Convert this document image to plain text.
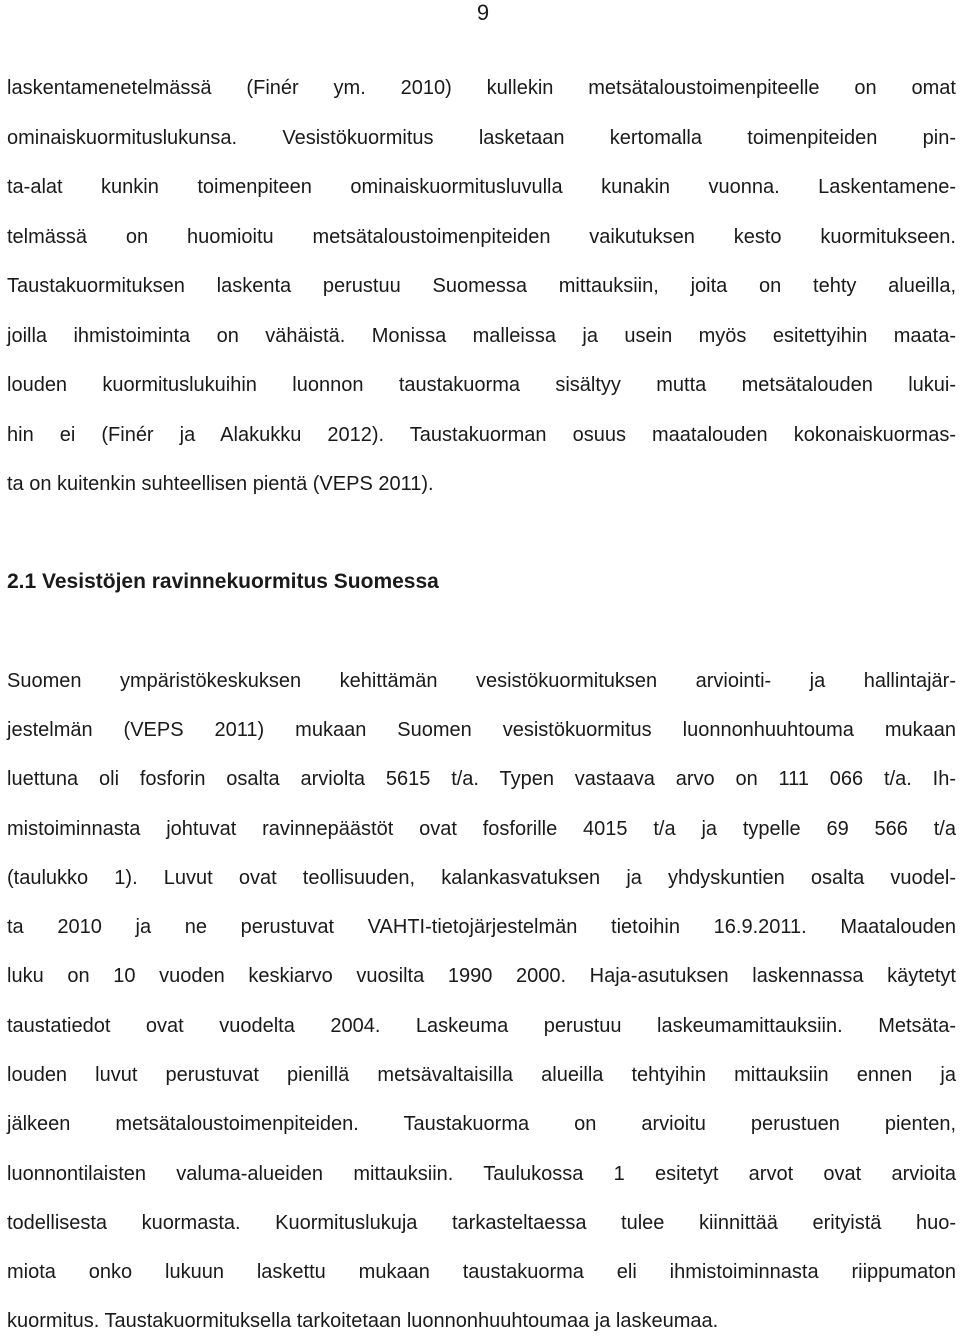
9
laskentamenetelmässä (Finér ym. 2010) kullekin metsätaloustoimenpiteelle on omat
ominaiskuormituslukunsa. Vesistökuormitus lasketaan kertomalla toimenpiteiden pin-
ta-alat kunkin toimenpiteen ominaiskuormitusluvulla kunakin vuonna. Laskentamene-
telmässä on huomioitu metsätaloustoimenpiteiden vaikutuksen kesto kuormitukseen.
Taustakuormituksen laskenta perustuu Suomessa mittauksiin, joita on tehty alueilla,
joilla ihmistoiminta on vähäistä. Monissa malleissa ja usein myös esitettyihin maata-
louden kuormituslukuihin luonnon taustakuorma sisältyy mutta metsätalouden lukui-
hin ei (Finér ja Alakukku 2012). Taustakuorman osuus maatalouden kokonaiskuormas-
ta on kuitenkin suhteellisen pientä (VEPS 2011).
2.1 Vesistöjen ravinnekuormitus Suomessa
Suomen ympäristökeskuksen kehittämän vesistökuormituksen arviointi- ja hallintajär-
jestelmän (VEPS 2011) mukaan Suomen vesistökuormitus luonnonhuuhtouma mukaan
luettuna oli fosforin osalta arviolta 5615 t/a. Typen vastaava arvo on 111 066 t/a. Ih-
mistoiminnasta johtuvat ravinnepäästöt ovat fosforille 4015 t/a ja typelle 69 566 t/a
(taulukko 1). Luvut ovat teollisuuden, kalankasvatuksen ja yhdyskuntien osalta vuodel-
ta 2010 ja ne perustuvat VAHTI-tietojärjestelmän tietoihin 16.9.2011. Maatalouden
luku on 10 vuoden keskiarvo vuosilta 1990 2000. Haja-asutuksen laskennassa käytetyt
taustatiedot ovat vuodelta 2004. Laskeuma perustuu laskeumamittauksiin. Metsäta-
louden luvut perustuvat pienillä metsävaltaisilla alueilla tehtyihin mittauksiin ennen ja
jälkeen metsätaloustoimenpiteiden. Taustakuorma on arvioitu perustuen pienten,
luonnontilaisten valuma-alueiden mittauksiin. Taulukossa 1 esitetyt arvot ovat arvioita
todellisesta kuormasta. Kuormituslukuja tarkasteltaessa tulee kiinnittää erityistä huo-
miota onko lukuun laskettu mukaan taustakuorma eli ihmistoiminnasta riippumaton
kuormitus. Taustakuormituksella tarkoitetaan luonnonhuuhtoumaa ja laskeumaa.
